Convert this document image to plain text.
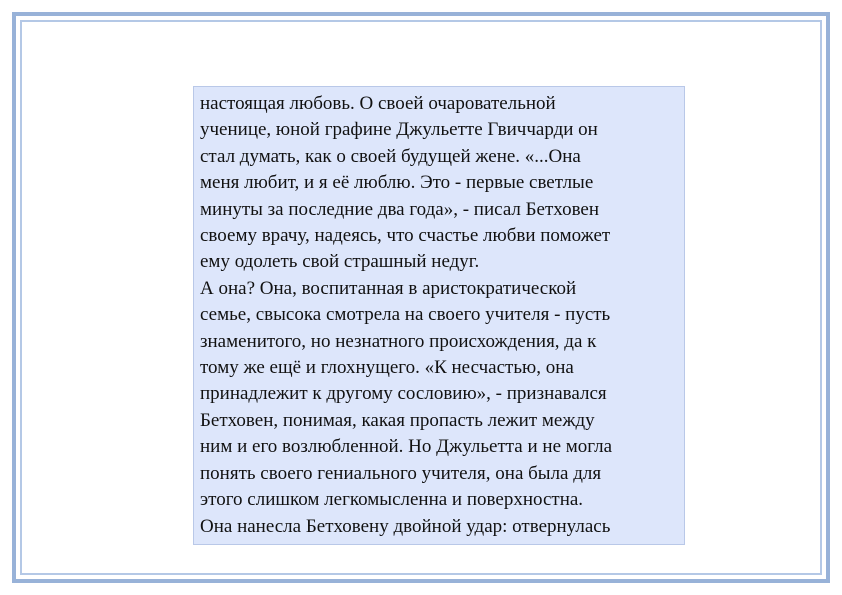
настоящая любовь. О своей очаровательной
ученице, юной графине Джульетте Гвиччарди он
стал думать, как о своей будущей жене. «...Она
меня любит, и я её люблю. Это - первые светлые
минуты за последние два года», - писал Бетховен
своему врачу, надеясь, что счастье любви поможет
ему одолеть свой страшный недуг.
А она? Она, воспитанная в аристократической
семье, свысока смотрела на своего учителя - пусть
знаменитого, но незнатного происхождения, да к
тому же ещё и глохнущего. «К несчастью, она
принадлежит к другому сословию», - признавался
Бетховен, понимая, какая пропасть лежит между
ним и его возлюбленной. Но Джульетта и не могла
понять своего гениального учителя, она была для
этого слишком легкомысленна и поверхностна.
Она нанесла Бетховену двойной удар: отвернулась
